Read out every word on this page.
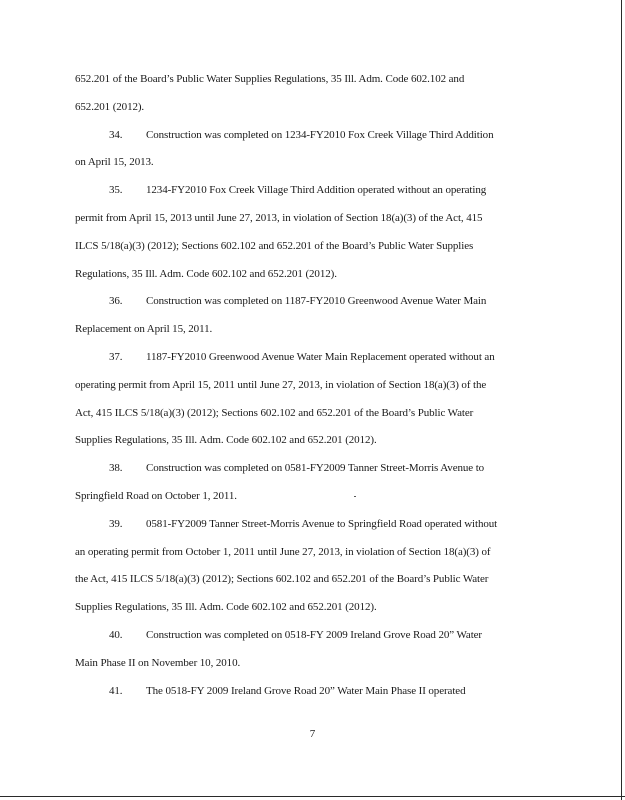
652.201 of the Board’s Public Water Supplies Regulations, 35 Ill. Adm. Code 602.102 and
652.201 (2012).

34. Construction was completed on 1234-FY2010 Fox Creek Village Third Addition
on April 15, 2013.

35. 1234-FY2010 Fox Creek Village Third Addition operated without an operating
permit from April 15, 2013 until June 27, 2013, in violation of Section 18(a)(3) of the Act, 415
ILCS 5/18(a)(3) (2012); Sections 602.102 and 652.201 of the Board’s Public Water Supplies
Regulations, 35 Ill. Adm. Code 602.102 and 652.201 (2012).

36. Construction was completed on 1187-FY2010 Greenwood Avenue Water Main
Replacement on April 15, 2011.

37. 1187-FY2010 Greenwood Avenue Water Main Replacement operated without an
operating permit from April 15, 2011 until June 27, 2013, in violation of Section 18(a)(3) of the
Act, 415 ILCS 5/18(a)(3) (2012); Sections 602.102 and 652.201 of the Board’s Public Water
Supplies Regulations, 35 Ill. Adm. Code 602.102 and 652.201 (2012).

38. Construction was completed on 0581-FY2009 Tanner Street-Morris Avenue to
Springfield Road on October 1, 2011.

39. 0581-FY2009 Tanner Street-Morris Avenue to Springfield Road operated without
an operating permit from October 1, 2011 until June 27, 2013, in violation of Section 18(a)(3) of
the Act, 415 ILCS 5/18(a)(3) (2012); Sections 602.102 and 652.201 of the Board’s Public Water
Supplies Regulations, 35 Ill. Adm. Code 602.102 and 652.201 (2012).

40. Construction was completed on 0518-FY 2009 Ireland Grove Road 20” Water
Main Phase II on November 10, 2010.

41. The 0518-FY 2009 Ireland Grove Road 20” Water Main Phase II operated

7
